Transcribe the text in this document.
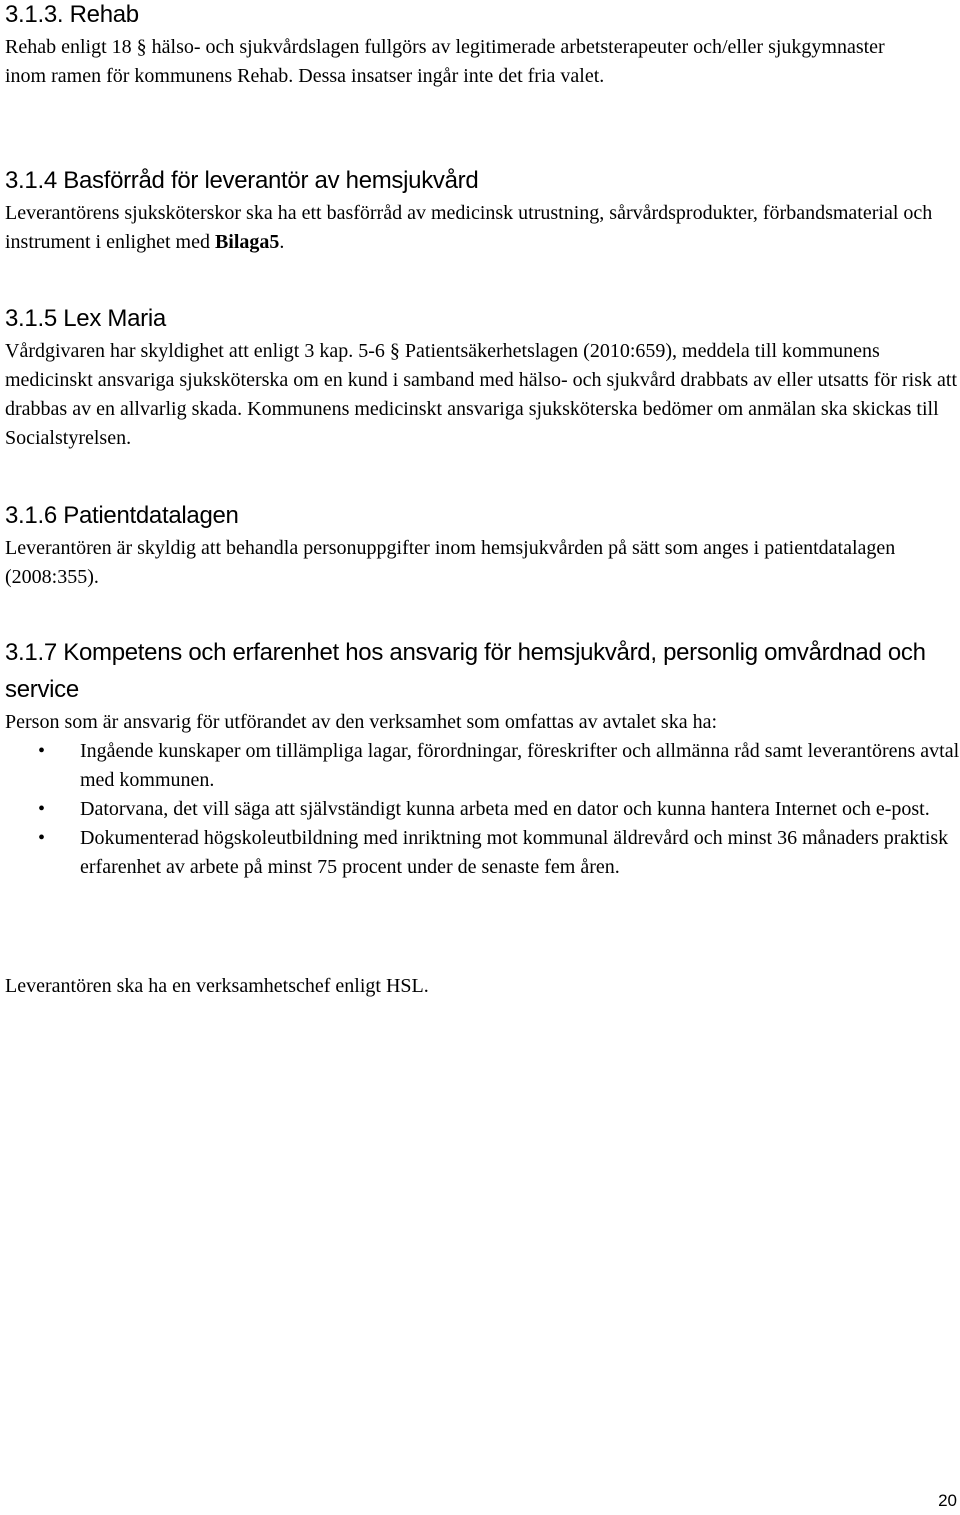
3.1.3. Rehab

Rehab enligt 18 § hälso- och sjukvårdslagen fullgörs av legitimerade arbetsterapeuter och/eller sjukgymnaster inom ramen för kommunens Rehab. Dessa insatser ingår inte det fria valet.

3.1.4 Basförråd för leverantör av hemsjukvård

Leverantörens sjuksköterskor ska ha ett basförråd av medicinsk utrustning, sårvårdsprodukter, förbandsmaterial och instrument i enlighet med Bilaga5.

3.1.5 Lex Maria

Vårdgivaren har skyldighet att enligt 3 kap. 5-6 § Patientsäkerhetslagen (2010:659), meddela till kommunens medicinskt ansvariga sjuksköterska om en kund i samband med hälso- och sjukvård drabbats av eller utsatts för risk att drabbas av en allvarlig skada. Kommunens medicinskt ansvariga sjuksköterska bedömer om anmälan ska skickas till Socialstyrelsen.

3.1.6 Patientdatalagen

Leverantören är skyldig att behandla personuppgifter inom hemsjukvården på sätt som anges i patientdatalagen (2008:355).

3.1.7 Kompetens och erfarenhet hos ansvarig för hemsjukvård, personlig omvårdnad och service

Person som är ansvarig för utförandet av den verksamhet som omfattas av avtalet ska ha:

• Ingående kunskaper om tillämpliga lagar, förordningar, föreskrifter och allmänna råd samt leverantörens avtal med kommunen.
• Datorvana, det vill säga att självständigt kunna arbeta med en dator och kunna hantera Internet och e-post.
• Dokumenterad högskoleutbildning med inriktning mot kommunal äldrevård och minst 36 månaders praktisk erfarenhet av arbete på minst 75 procent under de senaste fem åren.

Leverantören ska ha en verksamhetschef enligt HSL.

20
